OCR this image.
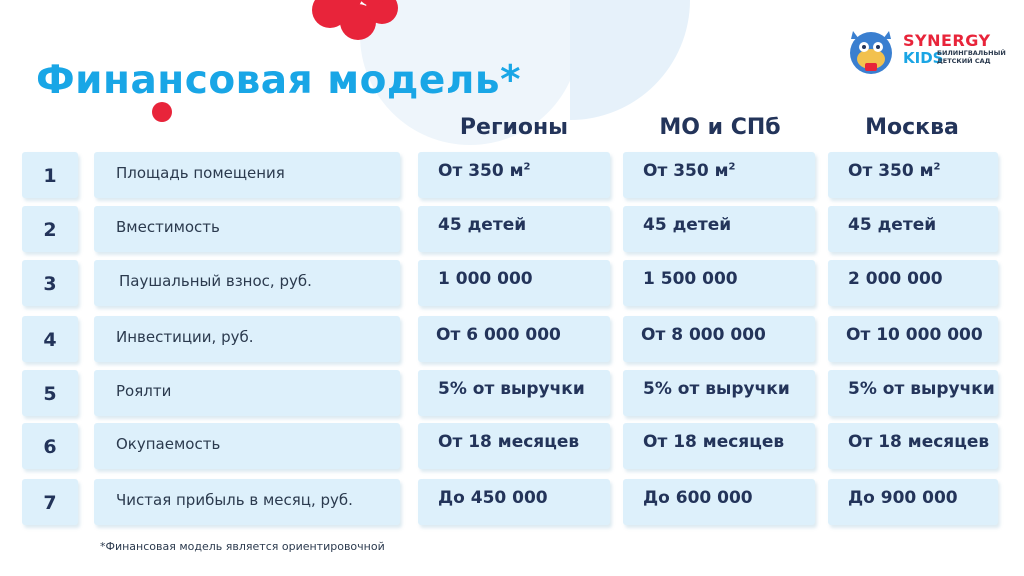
Финансовая модель*
SYNERGY
KIDS
БИЛИНГВАЛЬНЫЙ ДЕТСКИЙ САД
Регионы	МО и СПб	Москва
1	Площадь помещения	От 350 $м^2$	От 350 $м^2$	От 350 $м^2$
2	Вместимость	45 детей	45 детей	45 детей
3	Паушальный взнос, руб.	1 000 000	1 500 000	2 000 000
4	Инвестиции, руб.	От 6 000 000	От 8 000 000	От 10 000 000
5	Роялти	5% от выручки	5% от выручки	5% от выручки
6	Окупаемость	От 18 месяцев	От 18 месяцев	От 18 месяцев
7	Чистая прибыль в месяц, руб.	До 450 000	До 600 000	До 900 000
*Финансовая модель является ориентировочной
